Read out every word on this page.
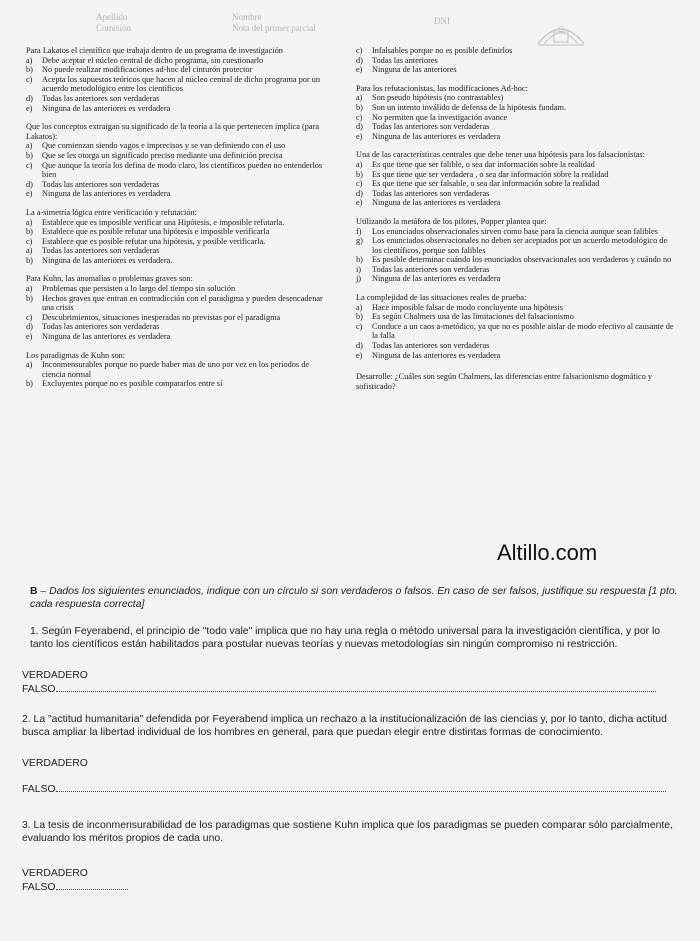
Apellido
Comisión
Nombre
Nota del primer parcial
DNI

Para Lakatos el científico que trabaja dentro de un programa de investigación

a)	Debe aceptar el núcleo central de dicho programa, sin cuestionarlo
b)	No puede realizar modificaciones ad-hoc del cinturón protector
c)	Acepta los supuestos teóricos que hacen al núcleo central de dicho programa por un acuerdo metodológico entre los científicos
d)	Todas las anteriores son verdaderas
e)	Ninguna de las anteriores es verdadera

Que los conceptos extraigan su significado de la teoría a la que pertenecen implica (para Lakatos):

a)	Que comienzan siendo vagos e imprecisos y se van definiendo con el uso
b)	Que se les otorga un significado preciso mediante una definición precisa
c)	Que aunque la teoría los defina de modo claro, los científicos pueden no entenderlos bien
d)	Todas las anteriores son verdaderas
e)	Ninguna de las anteriores es verdadera

La a-simetría lógica entre verificación y refutación:

a)	Establece que es imposible verificar una Hipótesis, e imposible refutarla.
b)	Establece que es posible refutar una hipótesis e imposible verificarla
c)	Establece que es posible refutar una hipótesis, y posible verificarla.
a)	Todas las anteriores son verdaderas
b)	Ninguna de las anteriores es verdadera.

Para Kuhn, las anomalías o problemas graves son:

a)	Problemas que persisten a lo largo del tiempo sin solución
b)	Hechos graves que entran en contradicción con el paradigma y pueden desencadenar una crisis
c)	Descubrimientos, situaciones inesperadas no previstas por el paradigma
d)	Todas las anteriores son verdaderas
e)	Ninguna de las anteriores es verdadera

Los paradigmas de Kuhn son:

a)	Inconmensurables porque no puede haber mas de uno por vez en los períodos de ciencia normal
b)	Excluyentes porque no es posible compararlos entre sí
c)	Infalsables porque no es posible definirlos
d)	Todas las anteriores
e)	Ninguna de las anteriores

Para los refutacionistas, las modificaciones Ad-hoc:

a)	Son pseudo hipótesis (no contrastables)
b)	Son un intento inválido de defensa de la hipótesis fundam.
c)	No permiten que la investigación avance
d)	Todas las anteriores son verdaderas
e)	Ninguna de las anteriores es verdadera

Una de las características centrales que debe tener una hipótesis para los falsacionistas:

a)	Es que tiene que ser falible, o sea dar información sobre la realidad
b)	Es que tiene que ser verdadera , o sea dar información sobre la realidad
c)	Es que tiene que ser falsable, o sea dar información sobre la realidad
d)	Todas las anteriores son verdaderas
e)	Ninguna de las anteriores es verdadera

Utilizando la metáfora de los pilotes, Popper plantea que:

f)	Los enunciados observacionales sirven como base para la ciencia aunque sean falibles
g)	Los enunciados observacionales no deben ser aceptados por un acuerdo metodológico de los científicos, porque son falibles
h)	Es posible determinar cuándo los enunciados observacionales son verdaderos y cuándo no
i)	Todas las anteriores son verdaderas
j)	Ninguna de las anteriores es verdadera

La complejidad de las situaciones reales de prueba:

a)	Hace imposible falsar de modo concluyente una hipótesis
b)	Es según Chalmers una de las limitaciones del falsacionismo
c)	Conduce a un caos a-metódico, ya que no es posible aislar de modo efectivo al causante de la falla
d)	Todas las anteriores son verdaderas
e)	Ninguna de las anteriores es verdadera

Desarrolle: ¿Cuáles son según Chalmers, las diferencias entre falsacionismo dogmático y sofisticado?

Altillo.com

B – Dados los siguientes enunciados, indique con un círculo si son verdaderos o falsos. En caso de ser falsos, justifique su respuesta [1 pto. cada respuesta correcta]

1. Según Feyerabend, el principio de "todo vale" implica que no hay una regla o método universal para la investigación científica, y por lo tanto los científicos están habilitados para postular nuevas teorías y nuevas metodologías sin ningún compromiso ni restricción.

VERDADERO

FALSO

2. La "actitud humanitaria" defendida por Feyerabend implica un rechazo a la institucionalización de las ciencias y, por lo tanto, dicha actitud busca ampliar la libertad individual de los hombres en general, para que puedan elegir entre distintas formas de conocimiento.

VERDADERO

FALSO

3. La tesis de inconmensurabilidad de los paradigmas que sostiene Kuhn implica que los paradigmas se pueden comparar sólo parcialmente, evaluando los méritos propios de cada uno.

VERDADERO

FALSO
